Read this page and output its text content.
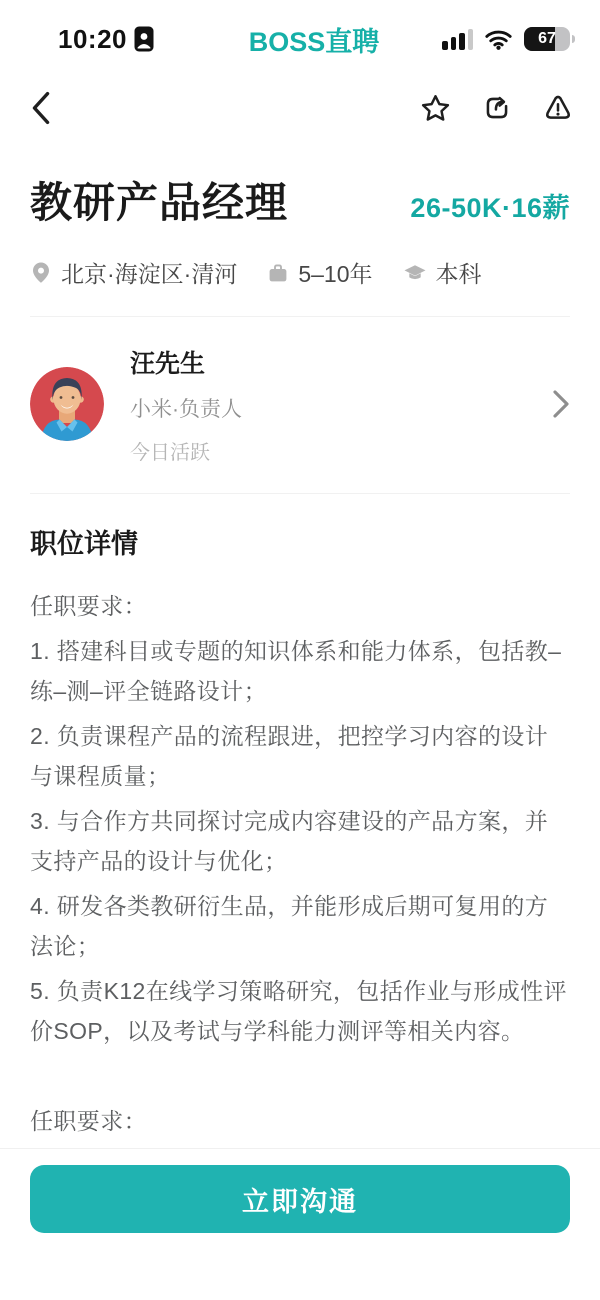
10:20	BOSS直聘	67
教研产品经理	26-50K·16薪
北京·海淀区·清河	5–10年	本科
汪先生
小米·负责人
今日活跃
职位详情

任职要求：

1. 搭建科目或专题的知识体系和能力体系，包括教–练–测–评全链路设计；

2. 负责课程产品的流程跟进，把控学习内容的设计与课程质量；

3. 与合作方共同探讨完成内容建设的产品方案，并支持产品的设计与优化；

4. 研发各类教研衍生品，并能形成后期可复用的方法论；

5. 负责K12在线学习策略研究，包括作业与形成性评价SOP，以及考试与学科能力测评等相关内容。

任职要求：

立即沟通
